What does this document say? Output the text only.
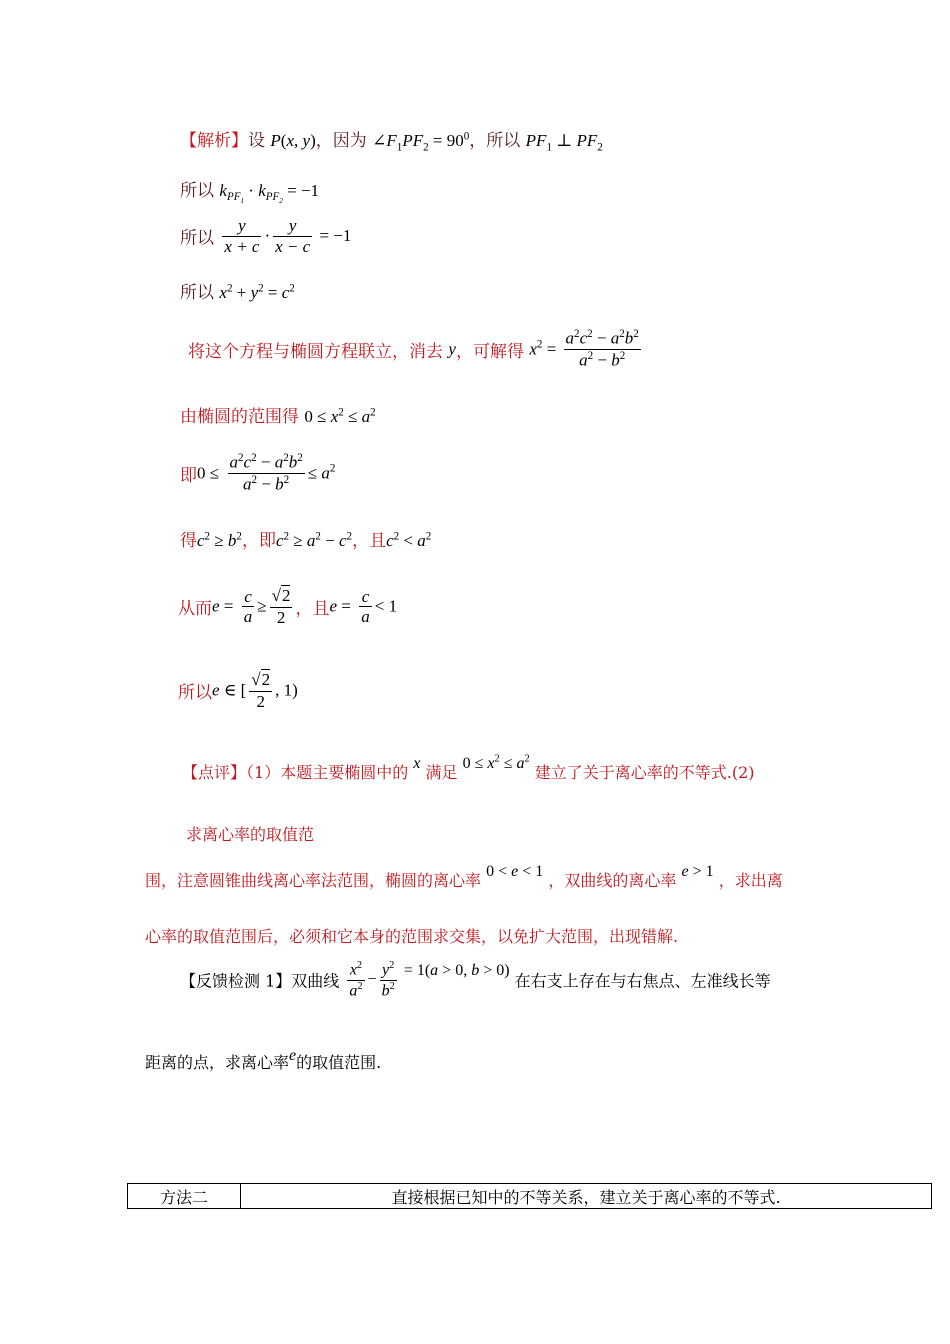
【解析】设 P(x, y)，因为 $\angle F_1PF_2 = 90^0$，所以 $PF_1$ ⊥ $PF_2$
所以 $k_{PF_1} \cdot k_{PF_2} = -1$
所以 $\frac{y}{x + c} \cdot \frac{y}{x - c} = -1$
所以 $x^2 + y^2 = c^2$
将这个方程与椭圆方程联立，消去 y，可解得 $x^2 = \frac{a^2c^2 - a^2b^2}{a^2 - b^2}$
由椭圆的范围得 $0 \le x^2 \le a^2$
即$0 \le \frac{a^2c^2 - a^2b^2}{a^2 - b^2} \le a^2$
得$c^2 \ge b^2$，即$c^2 \ge a^2 - c^2$，且$c^2 < a^2$
从而$e = \frac{c}{a} \ge \frac{√2}{2}$ ，且$e = \frac{c}{a} < 1$
所以e ∈ [ $\frac{√2}{2}$ , 1)
【点评】（1）本题主要椭圆中的 x 满足 $0 \le x^2 \le a^2$ 建立了关于离心率的不等式.(2)
求离心率的取值范
围，注意圆锥曲线离心率法范围，椭圆的离心率 0 < e < 1 ，双曲线的离心率 e > 1 ，求出离
心率的取值范围后，必须和它本身的范围求交集，以免扩大范围，出现错解.
【反馈检测 1】双曲线 $\frac{x^2}{a^2} - \frac{y^2}{b^2} = 1(a > 0$, b > 0) 在右支上存在与右焦点、左准线长等
距离的点，求离心率e的取值范围.
方法二	直接根据已知中的不等关系，建立关于离心率的不等式.
